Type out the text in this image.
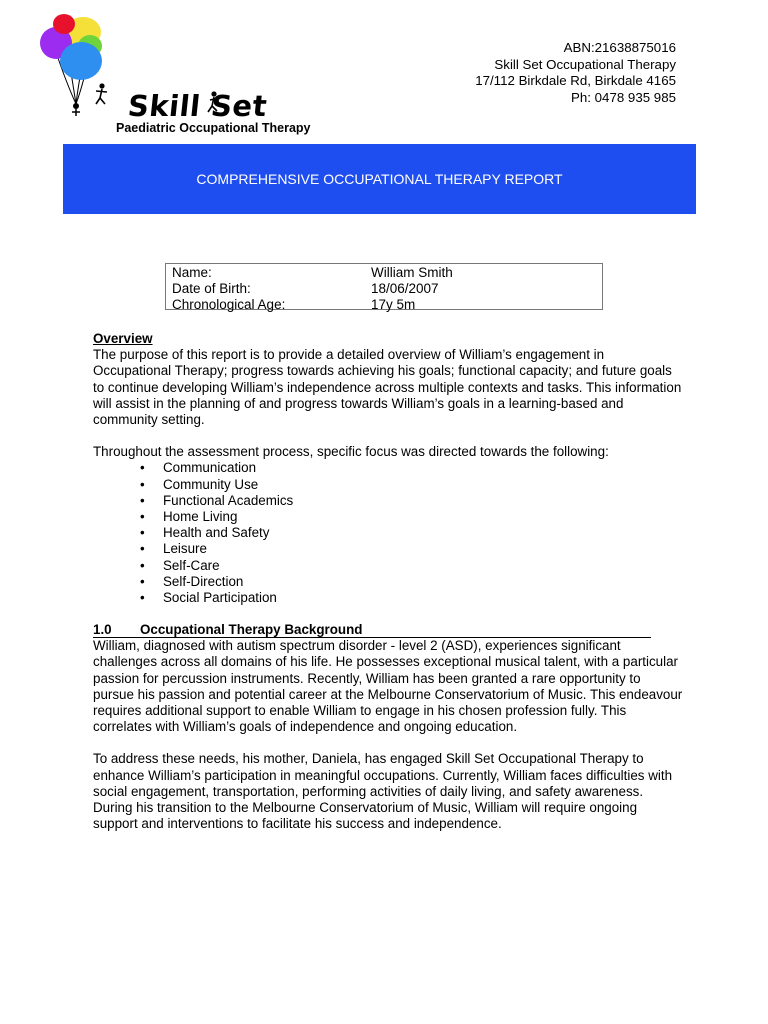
Skill Set
Paediatric Occupational Therapy
ABN:21638875016
Skill Set Occupational Therapy
17/112 Birkdale Rd, Birkdale 4165
Ph: 0478 935 985
COMPREHENSIVE OCCUPATIONAL THERAPY REPORT
Name:	William Smith
Date of Birth:	18/06/2007
Chronological Age:	17y 5m
Overview

The purpose of this report is to provide a detailed overview of William’s engagement in Occupational Therapy; progress towards achieving his goals; functional capacity; and future goals to continue developing William’s independence across multiple contexts and tasks. This information will assist in the planning of and progress towards William’s goals in a learning-based and community setting.

Throughout the assessment process, specific focus was directed towards the following:

• Communication
• Community Use
• Functional Academics
• Home Living
• Health and Safety
• Leisure
• Self-Care
• Self-Direction
• Social Participation
1.0	Occupational Therapy Background

William, diagnosed with autism spectrum disorder - level 2 (ASD), experiences significant challenges across all domains of his life. He possesses exceptional musical talent, with a particular passion for percussion instruments. Recently, William has been granted a rare opportunity to pursue his passion and potential career at the Melbourne Conservatorium of Music. This endeavour requires additional support to enable William to engage in his chosen profession fully. This correlates with William’s goals of independence and ongoing education.

To address these needs, his mother, Daniela, has engaged Skill Set Occupational Therapy to enhance William’s participation in meaningful occupations. Currently, William faces difficulties with social engagement, transportation, performing activities of daily living, and safety awareness. During his transition to the Melbourne Conservatorium of Music, William will require ongoing support and interventions to facilitate his success and independence.
